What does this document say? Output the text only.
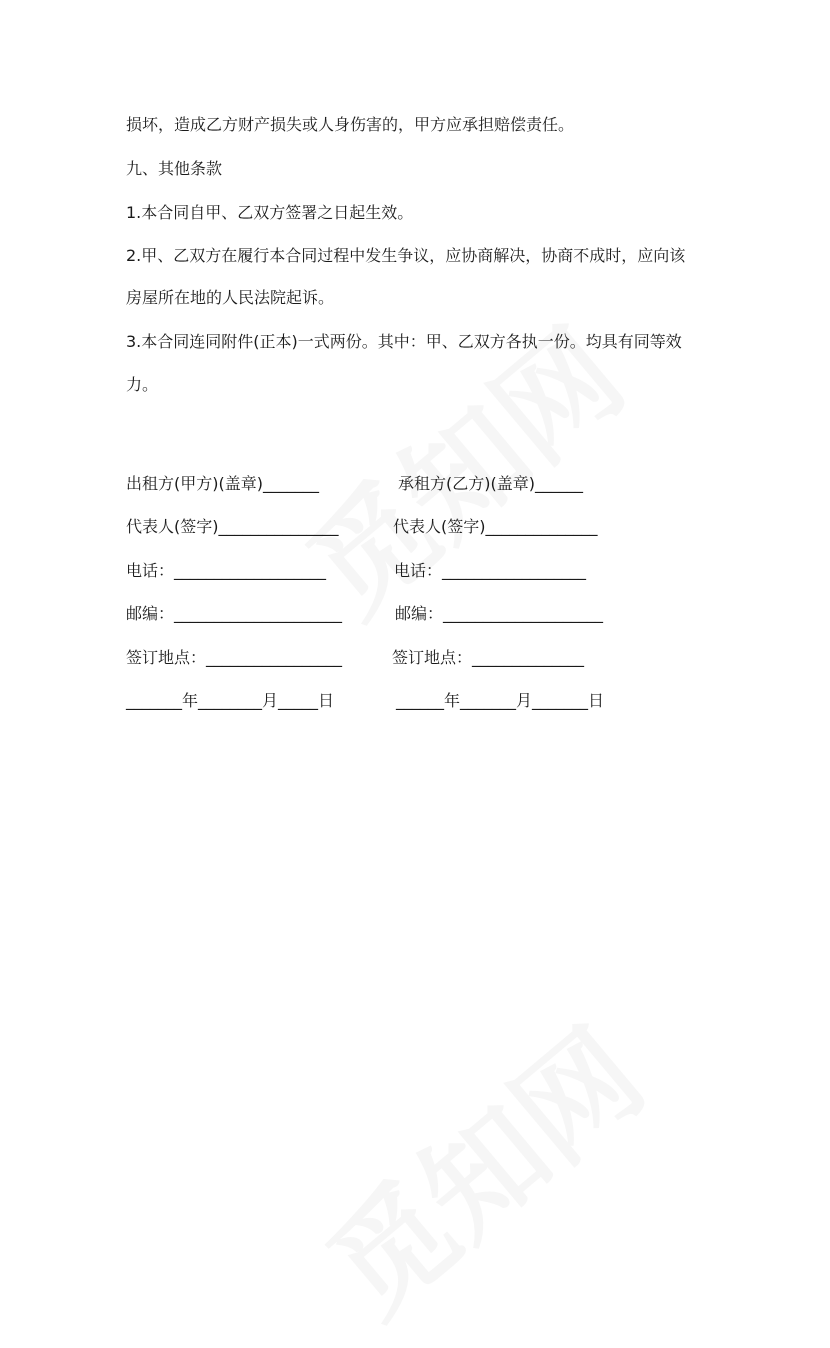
损坏，造成乙方财产损失或人身伤害的，甲方应承担赔偿责任。
九、其他条款
1.本合同自甲、乙双方签署之日起生效。
2.甲、乙双方在履行本合同过程中发生争议，应协商解决，协商不成时，应向该
房屋所在地的人民法院起诉。
3.本合同连同附件(正本)一式两份。其中：甲、乙双方各执一份。均具有同等效
力。
出租方(甲方)(盖章)_______	承租方(乙方)(盖章)______
代表人(签字)_______________	代表人(签字)______________
电话：___________________	电话：__________________
邮编：_____________________	邮编：____________________
签订地点：_________________	签订地点：______________
_______年________月_____日	______年_______月_______日
